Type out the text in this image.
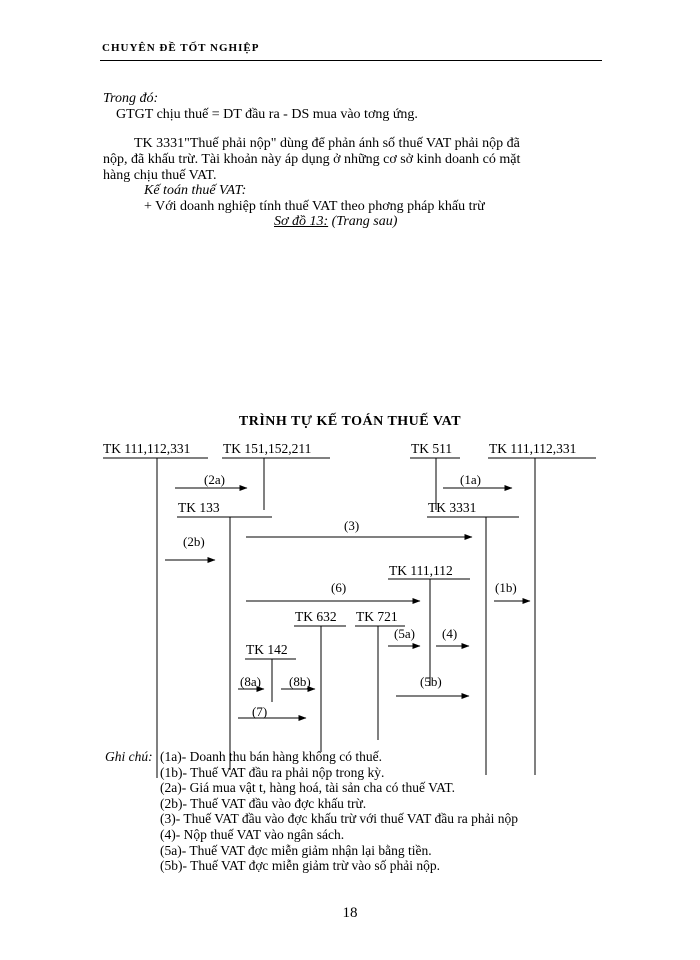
CHUYÊN ĐỀ TỐT NGHIỆP
Trong đó:
GTGT chịu thuế = DT đầu ra - DS mua vào tơng ứng.
TK 3331"Thuế phải nộp" dùng để phản ánh số thuế VAT phải nộp đã
nộp, đã khấu trừ. Tài khoản này áp dụng ở những cơ sở kinh doanh có mặt
hàng chịu thuế VAT.
Kế toán thuế VAT:
+ Với doanh nghiệp tính thuế VAT theo phơng pháp khấu trừ
Sơ đồ 13: (Trang sau)
TRÌNH TỰ KẾ TOÁN THUẾ VAT
TK 111,112,331 TK 151,152,211	TK 511	TK 111,112,331
TK 133	TK 3331
TK 111,112
TK 632 TK 721
TK 142
(2a)	(1a)
(3)
(2b)
(1b)
(6)
(5a) (4)
(8a) (8b)	(5b)
(7)
Ghi chú: (1a)- Doanh thu bán hàng không có thuế.
(1b)- Thuế VAT đầu ra phải nộp trong kỳ.
(2a)- Giá mua vật t, hàng hoá, tài sản cha có thuế VAT.
(2b)- Thuế VAT đầu vào đợc khấu trừ.
(3)- Thuế VAT đầu vào đợc khấu trừ với thuế VAT đầu ra phải nộp
(4)- Nộp thuế VAT vào ngân sách.
(5a)- Thuế VAT đợc miễn giảm nhận lại bằng tiền.
(5b)- Thuế VAT đợc miễn giảm trừ vào số phải nộp.
18
